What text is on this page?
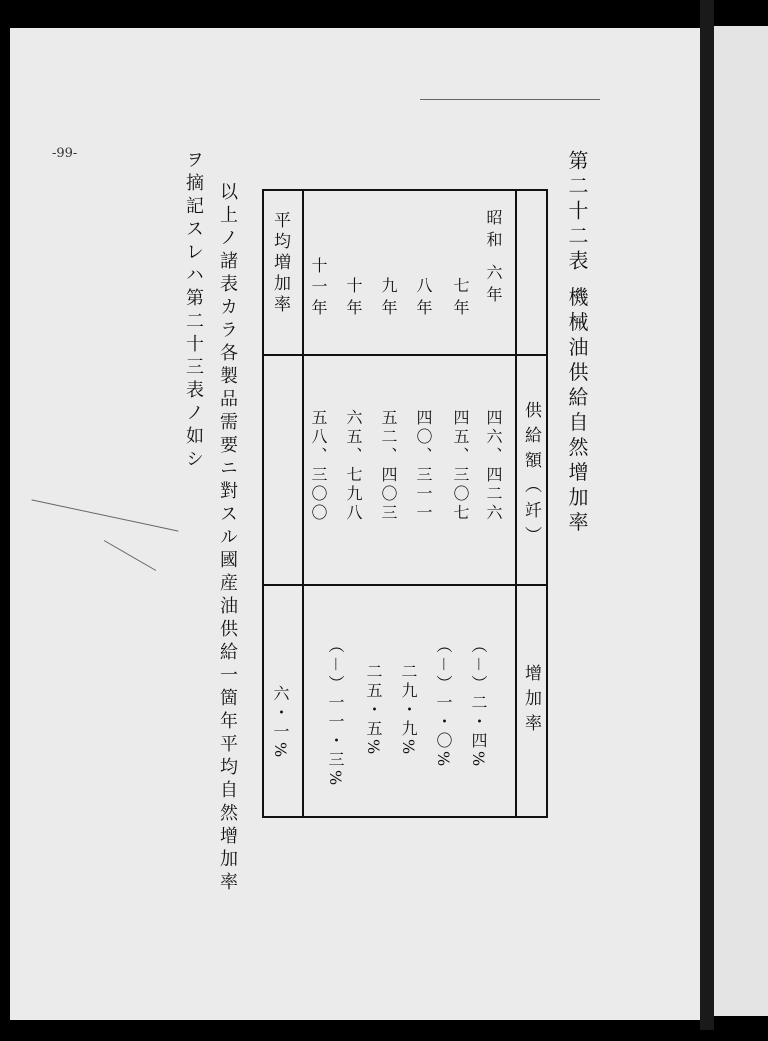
-99-	第二十二表 機械油供給自然增加率
供給額（竏）
增加率
昭和 六年
七年
八年
九年
十年
十一年
平均増加率
四六、四二六
四五、三〇七
四〇、三一一
五二、四〇三
六五、七九八
五八、三〇〇
（－）二・四%
（－）一・〇%
二九・九%
二五・五%
（－）一一・三%
六・一%
以上ノ諸表カラ各製品需要ニ對スル國産油供給一箇年平均自然增加率
ヲ摘記スレハ第二十三表ノ如シ
